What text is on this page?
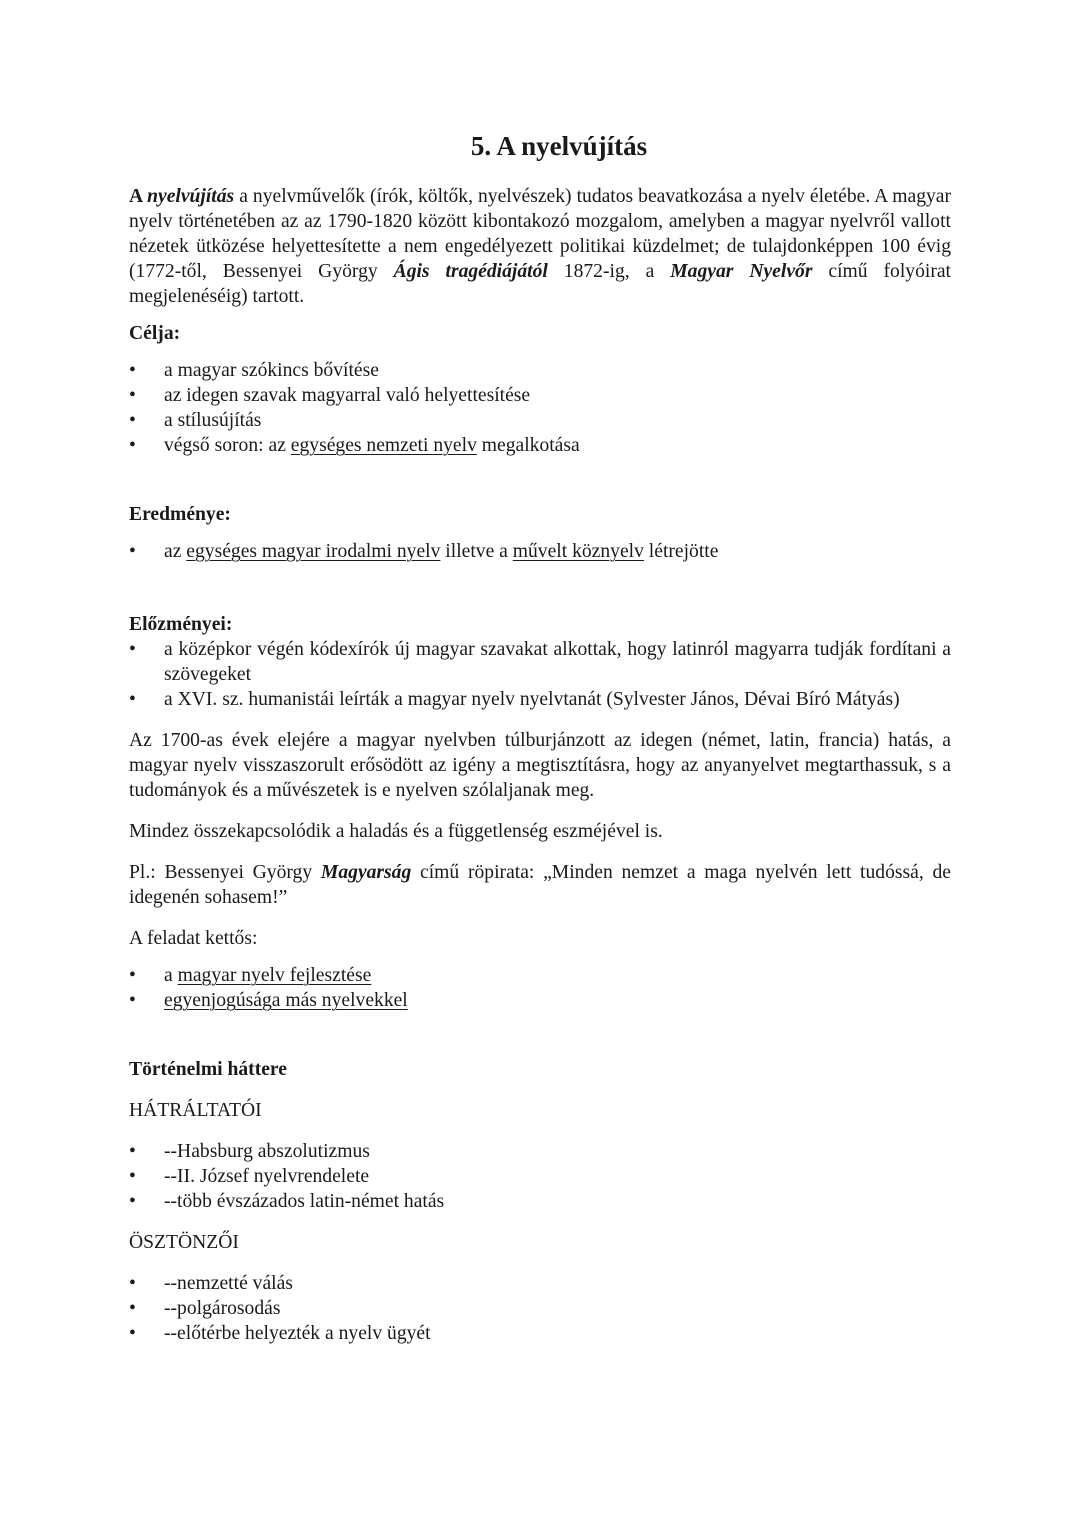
5. A nyelvújítás

A nyelvújítás a nyelvművelők (írók, költők, nyelvészek) tudatos beavatkozása a nyelv életébe. A magyar nyelv történetében az az 1790-1820 között kibontakozó mozgalom, amelyben a magyar nyelvről vallott nézetek ütközése helyettesítette a nem engedélyezett politikai küzdelmet; de tulajdonképpen 100 évig (1772-től, Bessenyei György Ágis tragédiájától 1872-ig, a Magyar Nyelvőr című folyóirat megjelenéséig) tartott.

Célja:

• a magyar szókincs bővítése
• az idegen szavak magyarral való helyettesítése
• a stílusújítás
• végső soron: az egységes nemzeti nyelv megalkotása

Eredménye:

• az egységes magyar irodalmi nyelv illetve a művelt köznyelv létrejötte

Előzményei:

• a középkor végén kódexírók új magyar szavakat alkottak, hogy latinról magyarra tudják fordítani a szövegeket
• a XVI. sz. humanistái leírták a magyar nyelv nyelvtanát (Sylvester János, Dévai Bíró Mátyás)

Az 1700-as évek elejére a magyar nyelvben túlburjánzott az idegen (német, latin, francia) hatás, a magyar nyelv visszaszorult erősödött az igény a megtisztításra, hogy az anyanyelvet megtarthassuk, s a tudományok és a művészetek is e nyelven szólaljanak meg.

Mindez összekapcsolódik a haladás és a függetlenség eszméjével is.

Pl.: Bessenyei György Magyarság című röpirata: „Minden nemzet a maga nyelvén lett tudóssá, de idegenén sohasem!”

A feladat kettős:

• a magyar nyelv fejlesztése
• egyenjogúsága más nyelvekkel

Történelmi háttere

HÁTRÁLTATÓI

• --Habsburg abszolutizmus
• --II. József nyelvrendelete
• --több évszázados latin-német hatás

ÖSZTÖNZŐI

• --nemzetté válás
• --polgárosodás
• --előtérbe helyezték a nyelv ügyét
